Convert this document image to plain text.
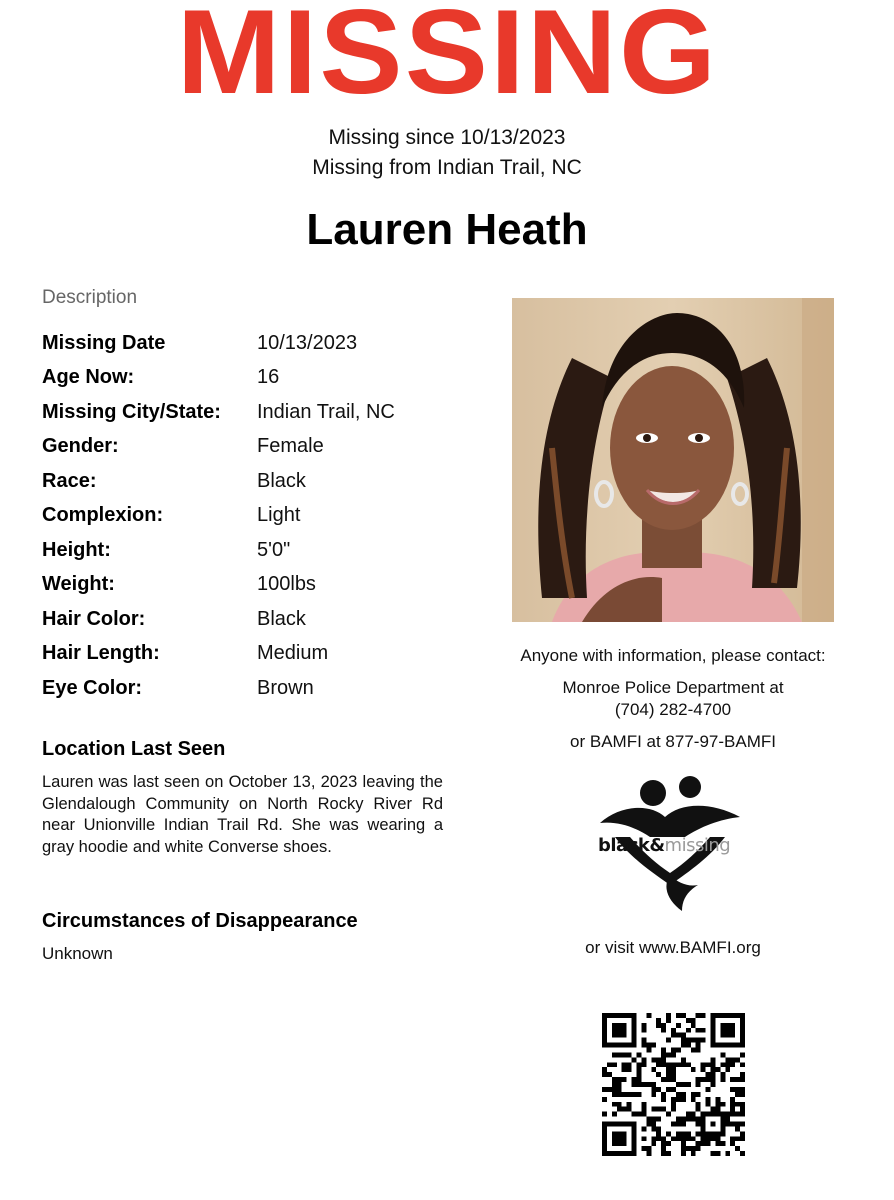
MISSING
Missing since 10/13/2023
Missing from Indian Trail, NC
Lauren Heath
Description
Missing Date	10/13/2023
Age Now:	16
Missing City/State:	Indian Trail, NC
Gender:	Female
Race:	Black
Complexion:	Light
Height:	5'0"
Weight:	100lbs
Hair Color:	Black
Hair Length:	Medium
Eye Color:	Brown
Location Last Seen
Lauren was last seen on October 13, 2023 leaving the Glendalough Community on North Rocky River Rd near Unionville Indian Trail Rd. She was wearing a gray hoodie and white Converse shoes.
Circumstances of Disappearance
Unknown
Anyone with information, please contact:
Monroe Police Department at
(704) 282-4700
or BAMFI at 877-97-BAMFI
black&missing
or visit www.BAMFI.org
